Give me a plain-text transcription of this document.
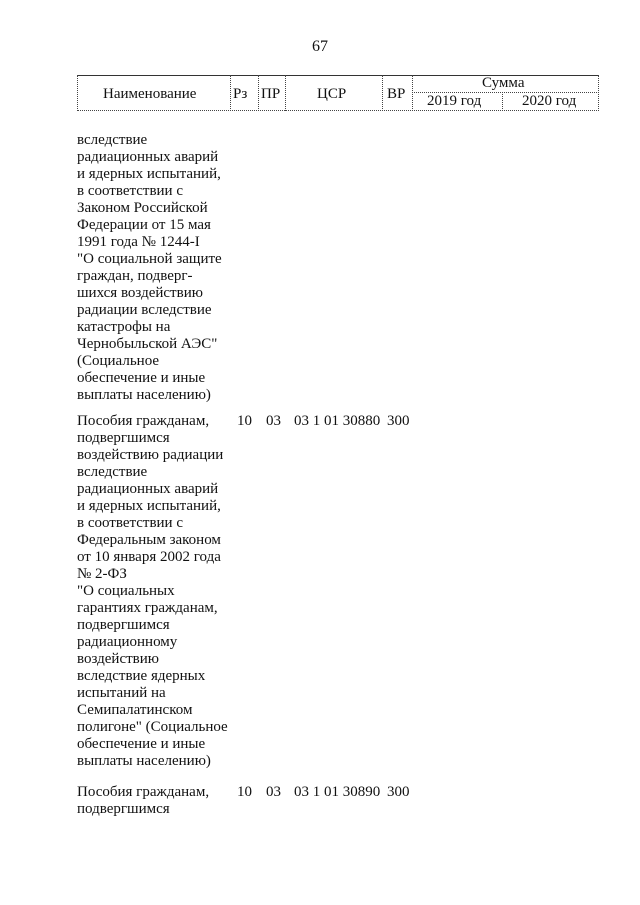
67
Наименование Рз ПР ЦСР	ВР
Сумма
2019 год	2020 год
вследствие
радиационных аварий
и ядерных испытаний,
в соответствии с
Законом Российской
Федерации от 15 мая
1991 года № 1244-I
"О социальной защите
граждан, подверг-
шихся воздействию
радиации вследствие
катастрофы на
Чернобыльской АЭС"
(Социальное
обеспечение и иные
выплаты населению)
Пособия гражданам,
подвергшимся
воздействию радиации
вследствие
радиационных аварий
и ядерных испытаний,
в соответствии с
Федеральным законом
от 10 января 2002 года
№ 2-ФЗ
"О социальных
гарантиях гражданам,
подвергшимся
радиационному
воздействию
вследствие ядерных
испытаний на
Семипалатинском
полигоне" (Социальное
обеспечение и иные
выплаты населению)
10 03 03 1 01 30880 300
Пособия гражданам,
подвергшимся
10 03 03 1 01 30890 300
